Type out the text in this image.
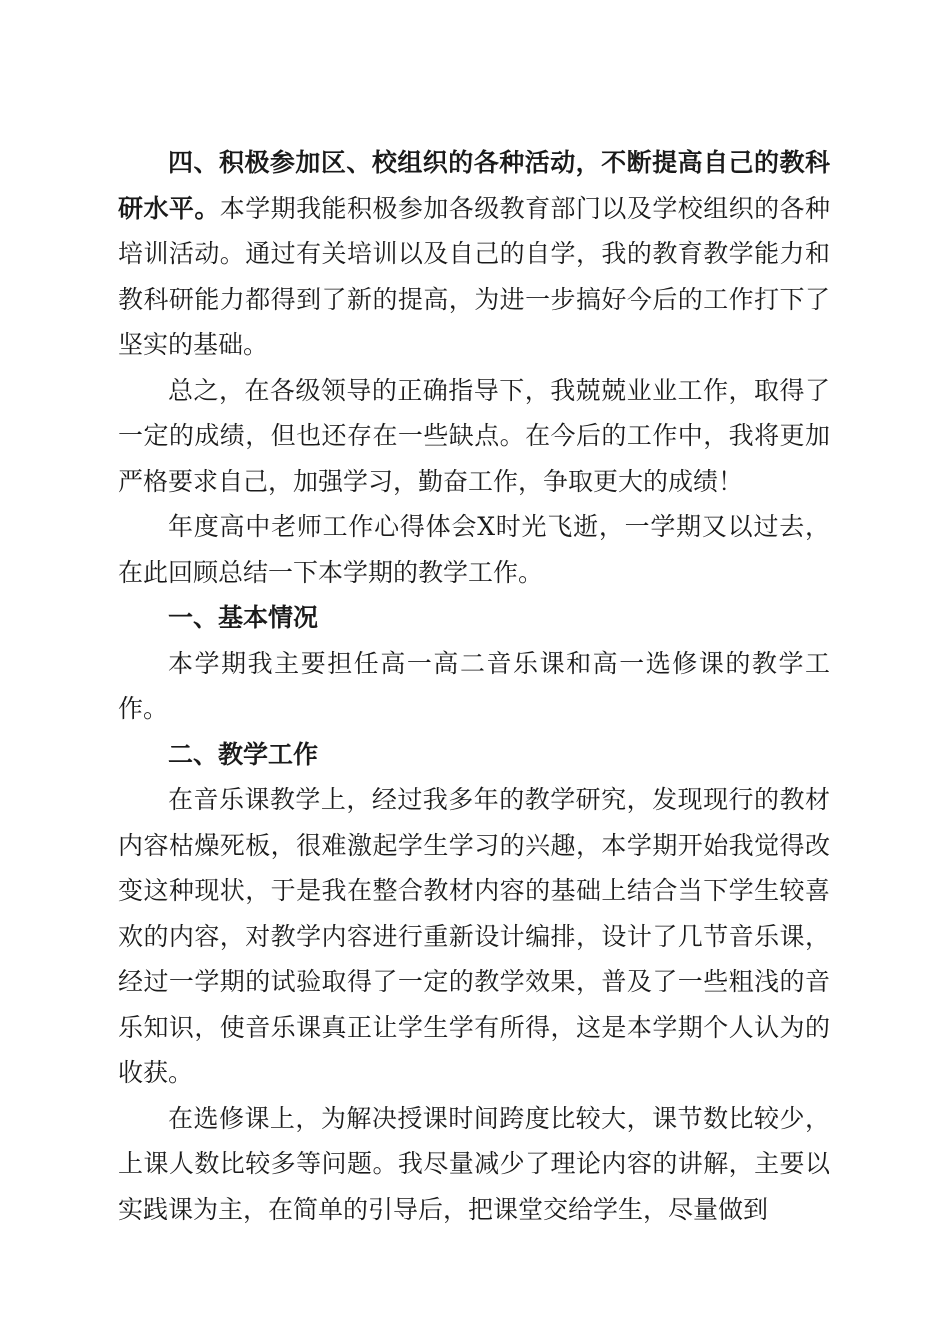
四、积极参加区、校组织的各种活动，不断提高自己的教科研水平。本学期我能积极参加各级教育部门以及学校组织的各种培训活动。通过有关培训以及自己的自学，我的教育教学能力和教科研能力都得到了新的提高，为进一步搞好今后的工作打下了坚实的基础。

总之，在各级领导的正确指导下，我兢兢业业工作，取得了一定的成绩，但也还存在一些缺点。在今后的工作中，我将更加严格要求自己，加强学习，勤奋工作，争取更大的成绩！

年度高中老师工作心得体会X时光飞逝，一学期又以过去，在此回顾总结一下本学期的教学工作。

一、基本情况

本学期我主要担任高一高二音乐课和高一选修课的教学工作。

二、教学工作

在音乐课教学上，经过我多年的教学研究，发现现行的教材内容枯燥死板，很难激起学生学习的兴趣，本学期开始我觉得改变这种现状，于是我在整合教材内容的基础上结合当下学生较喜欢的内容，对教学内容进行重新设计编排，设计了几节音乐课，经过一学期的试验取得了一定的教学效果，普及了一些粗浅的音乐知识，使音乐课真正让学生学有所得，这是本学期个人认为的收获。

在选修课上，为解决授课时间跨度比较大，课节数比较少，上课人数比较多等问题。我尽量减少了理论内容的讲解，主要以实践课为主，在简单的引导后，把课堂交给学生，尽量做到
